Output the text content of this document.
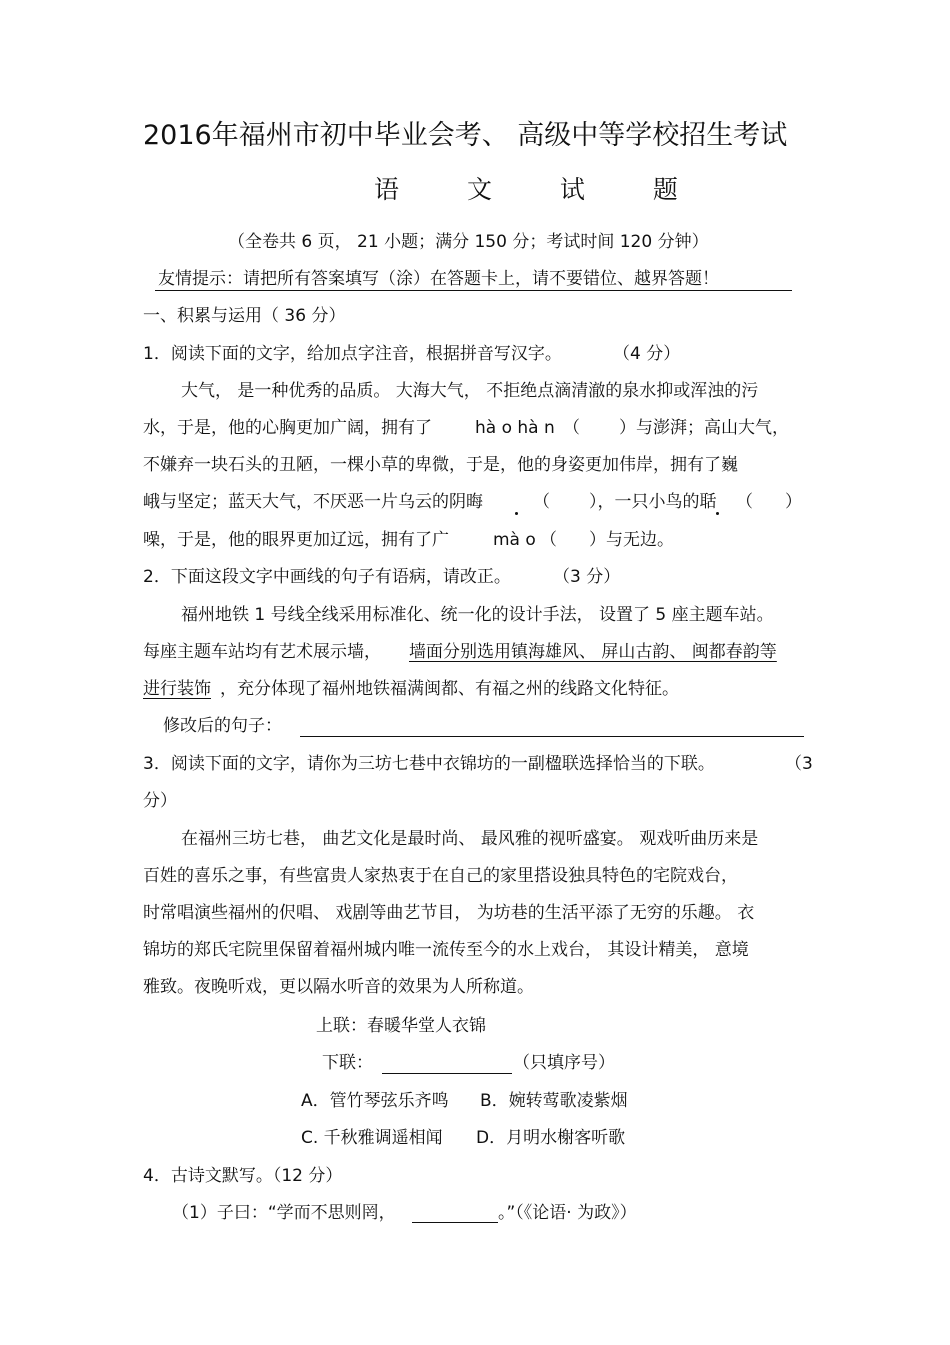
2016年福州市初中毕业会考、 高级中等学校招生考试
语 文 试 题
（全卷共 6 页， 21 小题；满分 150 分；考试时间 120 分钟）
友情提示：请把所有答案填写（涂）在答题卡上，请不要错位、越界答题！
一、积累与运用（ 36 分）
1．阅读下面的文字，给加点字注音，根据拼音写汉字。	（4 分）
大气， 是一种优秀的品质。 大海大气， 不拒绝点滴清澈的泉水抑或浑浊的污
水，于是，他的心胸更加广阔，拥有了	hà o hà n （ ）与澎湃；高山大气，
不嫌弃一块石头的丑陋，一棵小草的卑微，于是，他的身姿更加伟岸，拥有了巍
峨与坚定；蓝天大气，不厌恶一片乌云的阴晦	（ ），一只小鸟的聒 （ ）
噪，于是，他的眼界更加辽远，拥有了广	mà o （ ）与无边。
2．下面这段文字中画线的句子有语病，请改正。 （3 分）
福州地铁 1 号线全线采用标准化、统一化的设计手法， 设置了 5 座主题车站。
每座主题车站均有艺术展示墙， 墙面分别选用镇海雄风、 屏山古韵、 闽都春韵等
进行装饰 ，充分体现了福州地铁福满闽都、有福之州的线路文化特征。
修改后的句子：
3．阅读下面的文字，请你为三坊七巷中衣锦坊的一副楹联选择恰当的下联。	（3
分）
在福州三坊七巷， 曲艺文化是最时尚、 最风雅的视听盛宴。 观戏听曲历来是
百姓的喜乐之事，有些富贵人家热衷于在自己的家里搭设独具特色的宅院戏台，
时常唱演些福州的伬唱、 戏剧等曲艺节目， 为坊巷的生活平添了无穷的乐趣。 衣
锦坊的郑氏宅院里保留着福州城内唯一流传至今的水上戏台， 其设计精美， 意境
雅致。夜晚听戏，更以隔水听音的效果为人所称道。
上联：春暖华堂人衣锦
下联：	（只填序号）
A．管竹琴弦乐齐鸣 B．婉转莺歌凌紫烟
C. 千秋雅调遥相闻 D．月明水榭客听歌
4．古诗文默写。（12 分）
（1）子曰：“学而不思则罔，	。”（《论语· 为政》）
